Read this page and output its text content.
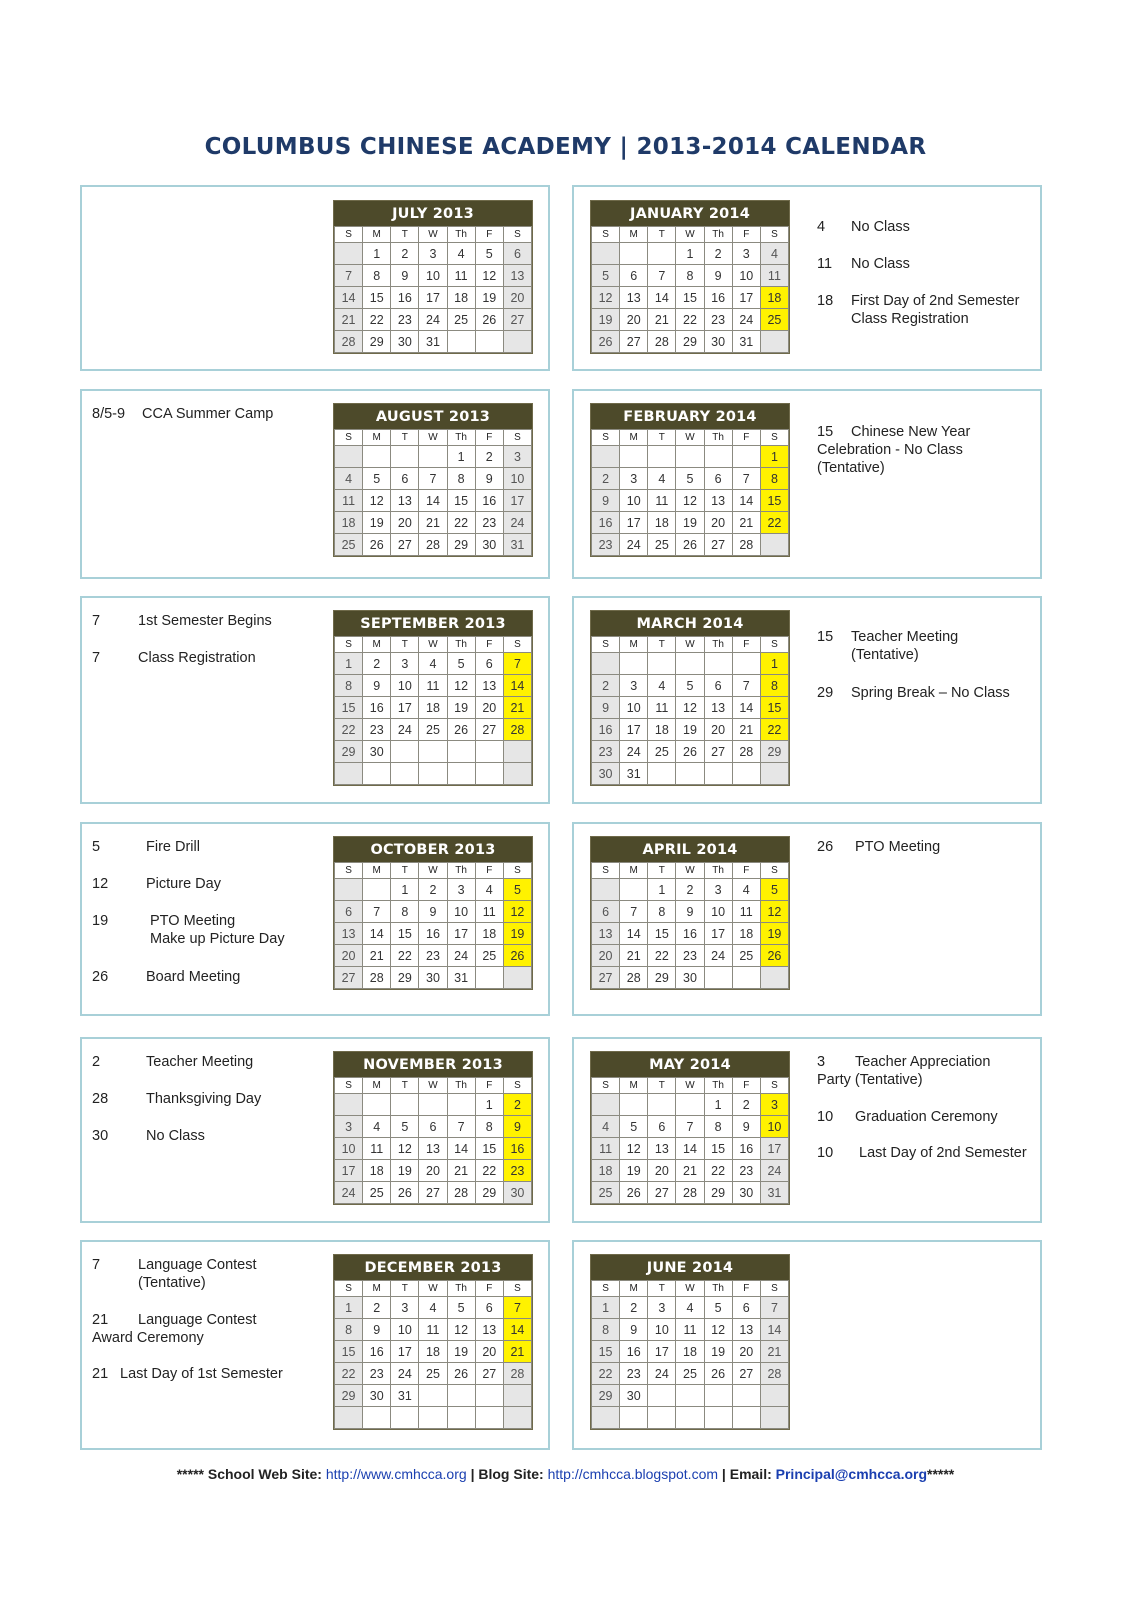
COLUMBUS CHINESE ACADEMY | 2013-2014 CALENDAR
JULY 2013
S	M	T	W	Th	F	S
	1	2	3	4	5	6
7	8	9	10	11	12	13
14	15	16	17	18	19	20
21	22	23	24	25	26	27
28	29	30	31			
JANUARY 2014
S	M	T	W	Th	F	S
			1	2	3	4
5	6	7	8	9	10	11
12	13	14	15	16	17	18
19	20	21	22	23	24	25
26	27	28	29	30	31	
AUGUST 2013
S	M	T	W	Th	F	S
				1	2	3
4	5	6	7	8	9	10
11	12	13	14	15	16	17
18	19	20	21	22	23	24
25	26	27	28	29	30	31
FEBRUARY 2014
S	M	T	W	Th	F	S
						1
2	3	4	5	6	7	8
9	10	11	12	13	14	15
16	17	18	19	20	21	22
23	24	25	26	27	28	
SEPTEMBER 2013
S	M	T	W	Th	F	S
1	2	3	4	5	6	7
8	9	10	11	12	13	14
15	16	17	18	19	20	21
22	23	24	25	26	27	28
29	30					

MARCH 2014
S	M	T	W	Th	F	S
						1
2	3	4	5	6	7	8
9	10	11	12	13	14	15
16	17	18	19	20	21	22
23	24	25	26	27	28	29
30	31					
OCTOBER 2013
S	M	T	W	Th	F	S
		1	2	3	4	5
6	7	8	9	10	11	12
13	14	15	16	17	18	19
20	21	22	23	24	25	26
27	28	29	30	31		
APRIL 2014
S	M	T	W	Th	F	S
		1	2	3	4	5
6	7	8	9	10	11	12
13	14	15	16	17	18	19
20	21	22	23	24	25	26
27	28	29	30			
NOVEMBER 2013
S	M	T	W	Th	F	S
					1	2
3	4	5	6	7	8	9
10	11	12	13	14	15	16
17	18	19	20	21	22	23
24	25	26	27	28	29	30
MAY 2014
S	M	T	W	Th	F	S
				1	2	3
4	5	6	7	8	9	10
11	12	13	14	15	16	17
18	19	20	21	22	23	24
25	26	27	28	29	30	31
DECEMBER 2013
S	M	T	W	Th	F	S
1	2	3	4	5	6	7
8	9	10	11	12	13	14
15	16	17	18	19	20	21
22	23	24	25	26	27	28
29	30	31				

JUNE 2014
S	M	T	W	Th	F	S
1	2	3	4	5	6	7
8	9	10	11	12	13	14
15	16	17	18	19	20	21
22	23	24	25	26	27	28
29	30					

4 No Class
11 No Class
18 First Day of 2nd Semester
Class Registration
8/5-9 CCA Summer Camp
15 Chinese New Year
Celebration - No Class
(Tentative)
7	1st Semester Begins
7	Class Registration
15 Teacher Meeting
(Tentative)
29 Spring Break – No Class
5	Fire Drill
12	Picture Day
19	PTO Meeting
Make up Picture Day
26	Board Meeting
26 PTO Meeting
2	Teacher Meeting
28	Thanksgiving Day
30	No Class
3 Teacher Appreciation
Party (Tentative)
10 Graduation Ceremony
10 Last Day of 2nd Semester
7	Language Contest
(Tentative)
21 Language Contest
Award Ceremony
21 Last Day of 1st Semester
***** School Web Site: http://www.cmhcca.org | Blog Site: http://cmhcca.blogspot.com | Email: Principal@cmhcca.org*****
